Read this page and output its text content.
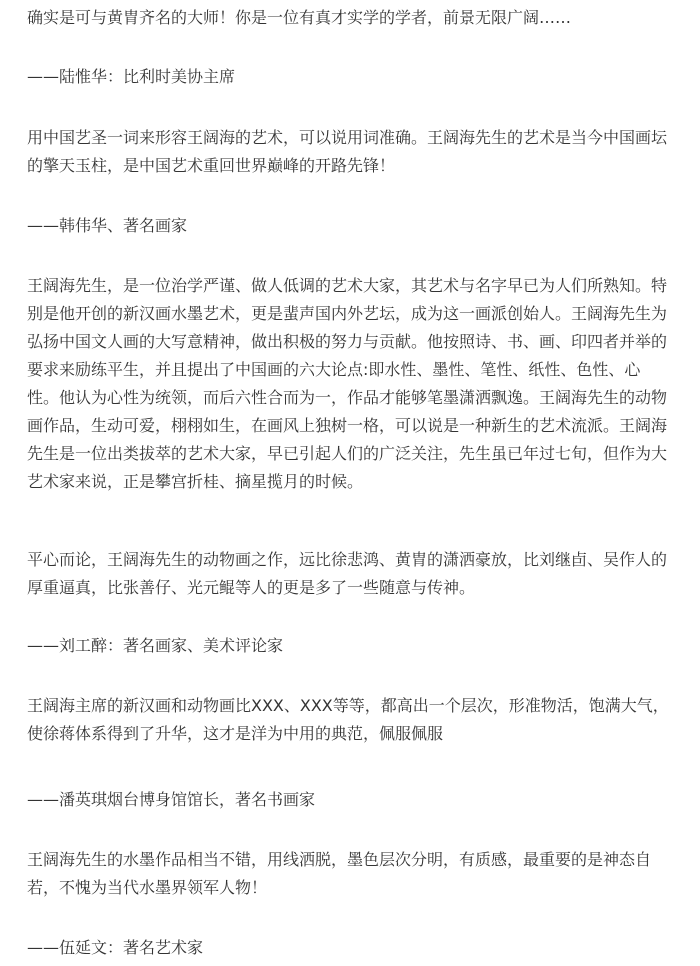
确实是可与黄胄齐名的大师！你是一位有真才实学的学者，前景无限广阔……
——陆惟华：比利时美协主席
用中国艺圣一词来形容王阔海的艺术，可以说用词准确。王阔海先生的艺术是当今中国画坛
的擎天玉柱，是中国艺术重回世界巅峰的开路先锋！
——韩伟华、著名画家
王阔海先生，是一位治学严谨、做人低调的艺术大家，其艺术与名字早已为人们所熟知。特
别是他开创的新汉画水墨艺术，更是蜚声国内外艺坛，成为这一画派创始人。王阔海先生为
弘扬中国文人画的大写意精神，做出积极的努力与贡献。他按照诗、书、画、印四者并举的
要求来励练平生，并且提出了中国画的六大论点:即水性、墨性、笔性、纸性、色性、心
性。他认为心性为统领，而后六性合而为一，作品才能够笔墨潇洒飘逸。王阔海先生的动物
画作品，生动可爱，栩栩如生，在画风上独树一格，可以说是一种新生的艺术流派。王阔海
先生是一位出类拔萃的艺术大家，早已引起人们的广泛关注，先生虽已年过七旬，但作为大
艺术家来说，正是攀宫折桂、摘星揽月的时候。
平心而论，王阔海先生的动物画之作，远比徐悲鸿、黄胄的潇洒豪放，比刘继卣、吴作人的
厚重逼真，比张善仔、光元鲲等人的更是多了一些随意与传神。
——刘工醉：著名画家、美术评论家
王阔海主席的新汉画和动物画比XXX、XXX等等，都高出一个层次，形准物活，饱满大气，
使徐蒋体系得到了升华，这才是洋为中用的典范，佩服佩服
——潘英琪烟台博身馆馆长，著名书画家
王阔海先生的水墨作品相当不错，用线洒脱，墨色层次分明，有质感，最重要的是神态自
若，不愧为当代水墨界领军人物！
——伍延文：著名艺术家
